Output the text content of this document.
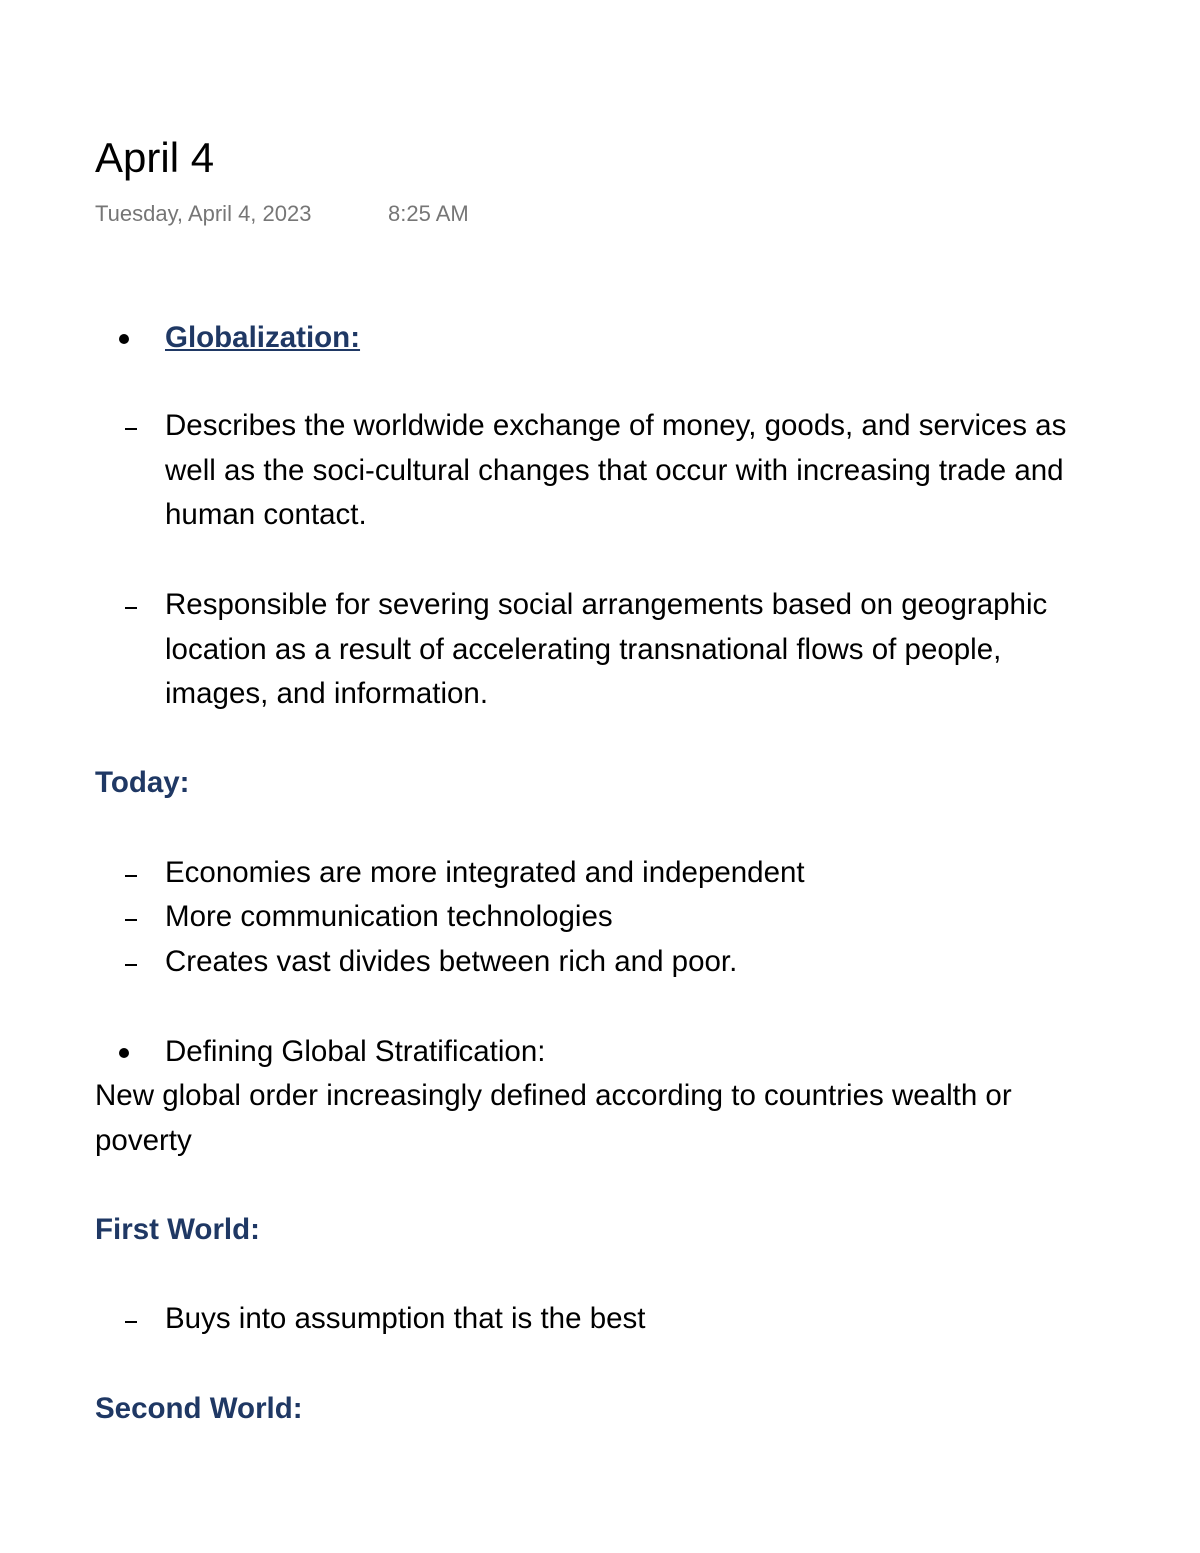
April 4
Tuesday, April 4, 2023	8:25 AM
Globalization:
Describes the worldwide exchange of money, goods, and services as
well as the soci-cultural changes that occur with increasing trade and
human contact.
Responsible for severing social arrangements based on geographic
location as a result of accelerating transnational flows of people,
images, and information.
Today:
Economies are more integrated and independent
More communication technologies
Creates vast divides between rich and poor.
Defining Global Stratification:
New global order increasingly defined according to countries wealth or
poverty
First World:
Buys into assumption that is the best
Second World:
